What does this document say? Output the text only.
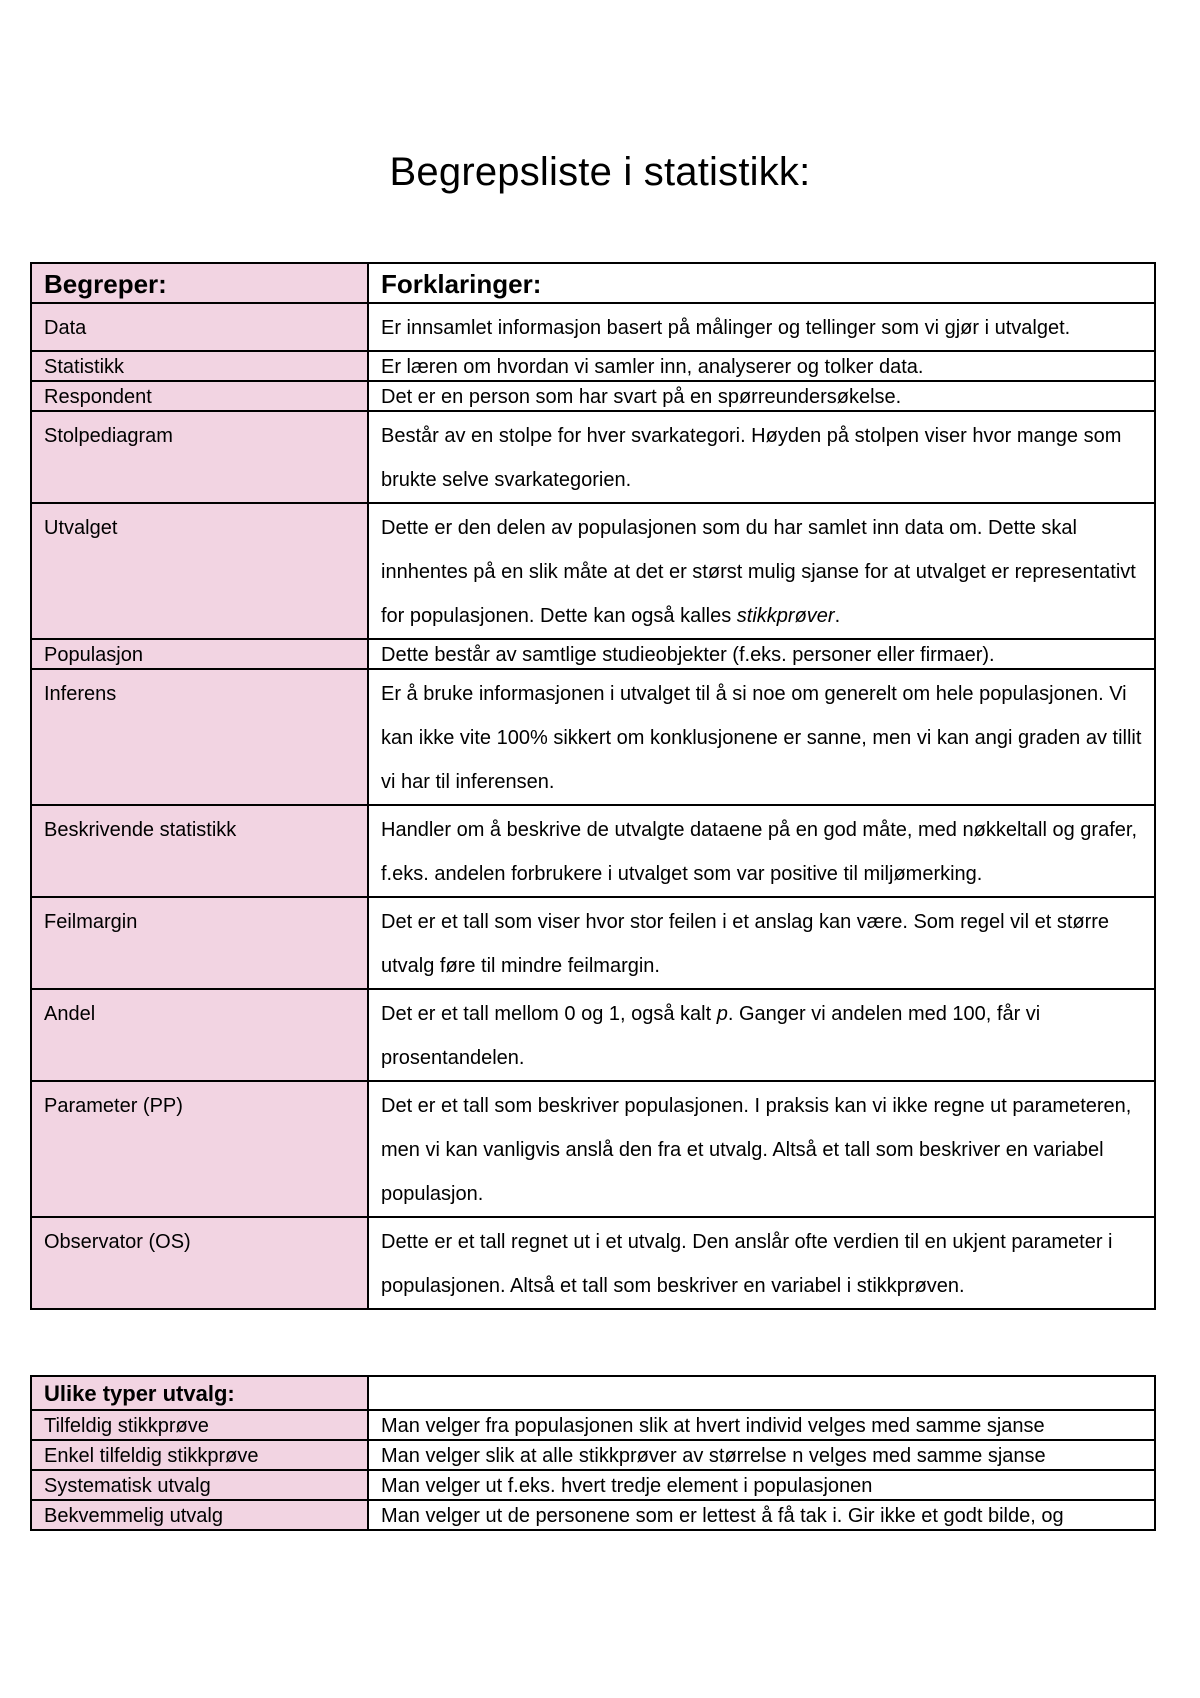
Begrepsliste i statistikk:
Begreper:	Forklaringer:
Data	Er innsamlet informasjon basert på målinger og tellinger som vi gjør i utvalget.
Statistikk	Er læren om hvordan vi samler inn, analyserer og tolker data.
Respondent	Det er en person som har svart på en spørreundersøkelse.
Stolpediagram	Består av en stolpe for hver svarkategori. Høyden på stolpen viser hvor mange som brukte selve svarkategorien.
Utvalget	Dette er den delen av populasjonen som du har samlet inn data om. Dette skal innhentes på en slik måte at det er størst mulig sjanse for at utvalget er representativt for populasjonen. Dette kan også kalles stikkprøver.
Populasjon	Dette består av samtlige studieobjekter (f.eks. personer eller firmaer).
Inferens	Er å bruke informasjonen i utvalget til å si noe om generelt om hele populasjonen. Vi kan ikke vite 100% sikkert om konklusjonene er sanne, men vi kan angi graden av tillit vi har til inferensen.
Beskrivende statistikk	Handler om å beskrive de utvalgte dataene på en god måte, med nøkkeltall og grafer, f.eks. andelen forbrukere i utvalget som var positive til miljømerking.
Feilmargin	Det er et tall som viser hvor stor feilen i et anslag kan være. Som regel vil et større utvalg føre til mindre feilmargin.
Andel	Det er et tall mellom 0 og 1, også kalt p. Ganger vi andelen med 100, får vi prosentandelen.
Parameter (PP)	Det er et tall som beskriver populasjonen. I praksis kan vi ikke regne ut parameteren, men vi kan vanligvis anslå den fra et utvalg. Altså et tall som beskriver en variabel populasjon.
Observator (OS)	Dette er et tall regnet ut i et utvalg. Den anslår ofte verdien til en ukjent parameter i populasjonen. Altså et tall som beskriver en variabel i stikkprøven.
Ulike typer utvalg:	
Tilfeldig stikkprøve	Man velger fra populasjonen slik at hvert individ velges med samme sjanse
Enkel tilfeldig stikkprøve	Man velger slik at alle stikkprøver av størrelse n velges med samme sjanse
Systematisk utvalg	Man velger ut f.eks. hvert tredje element i populasjonen
Bekvemmelig utvalg	Man velger ut de personene som er lettest å få tak i. Gir ikke et godt bilde, og
